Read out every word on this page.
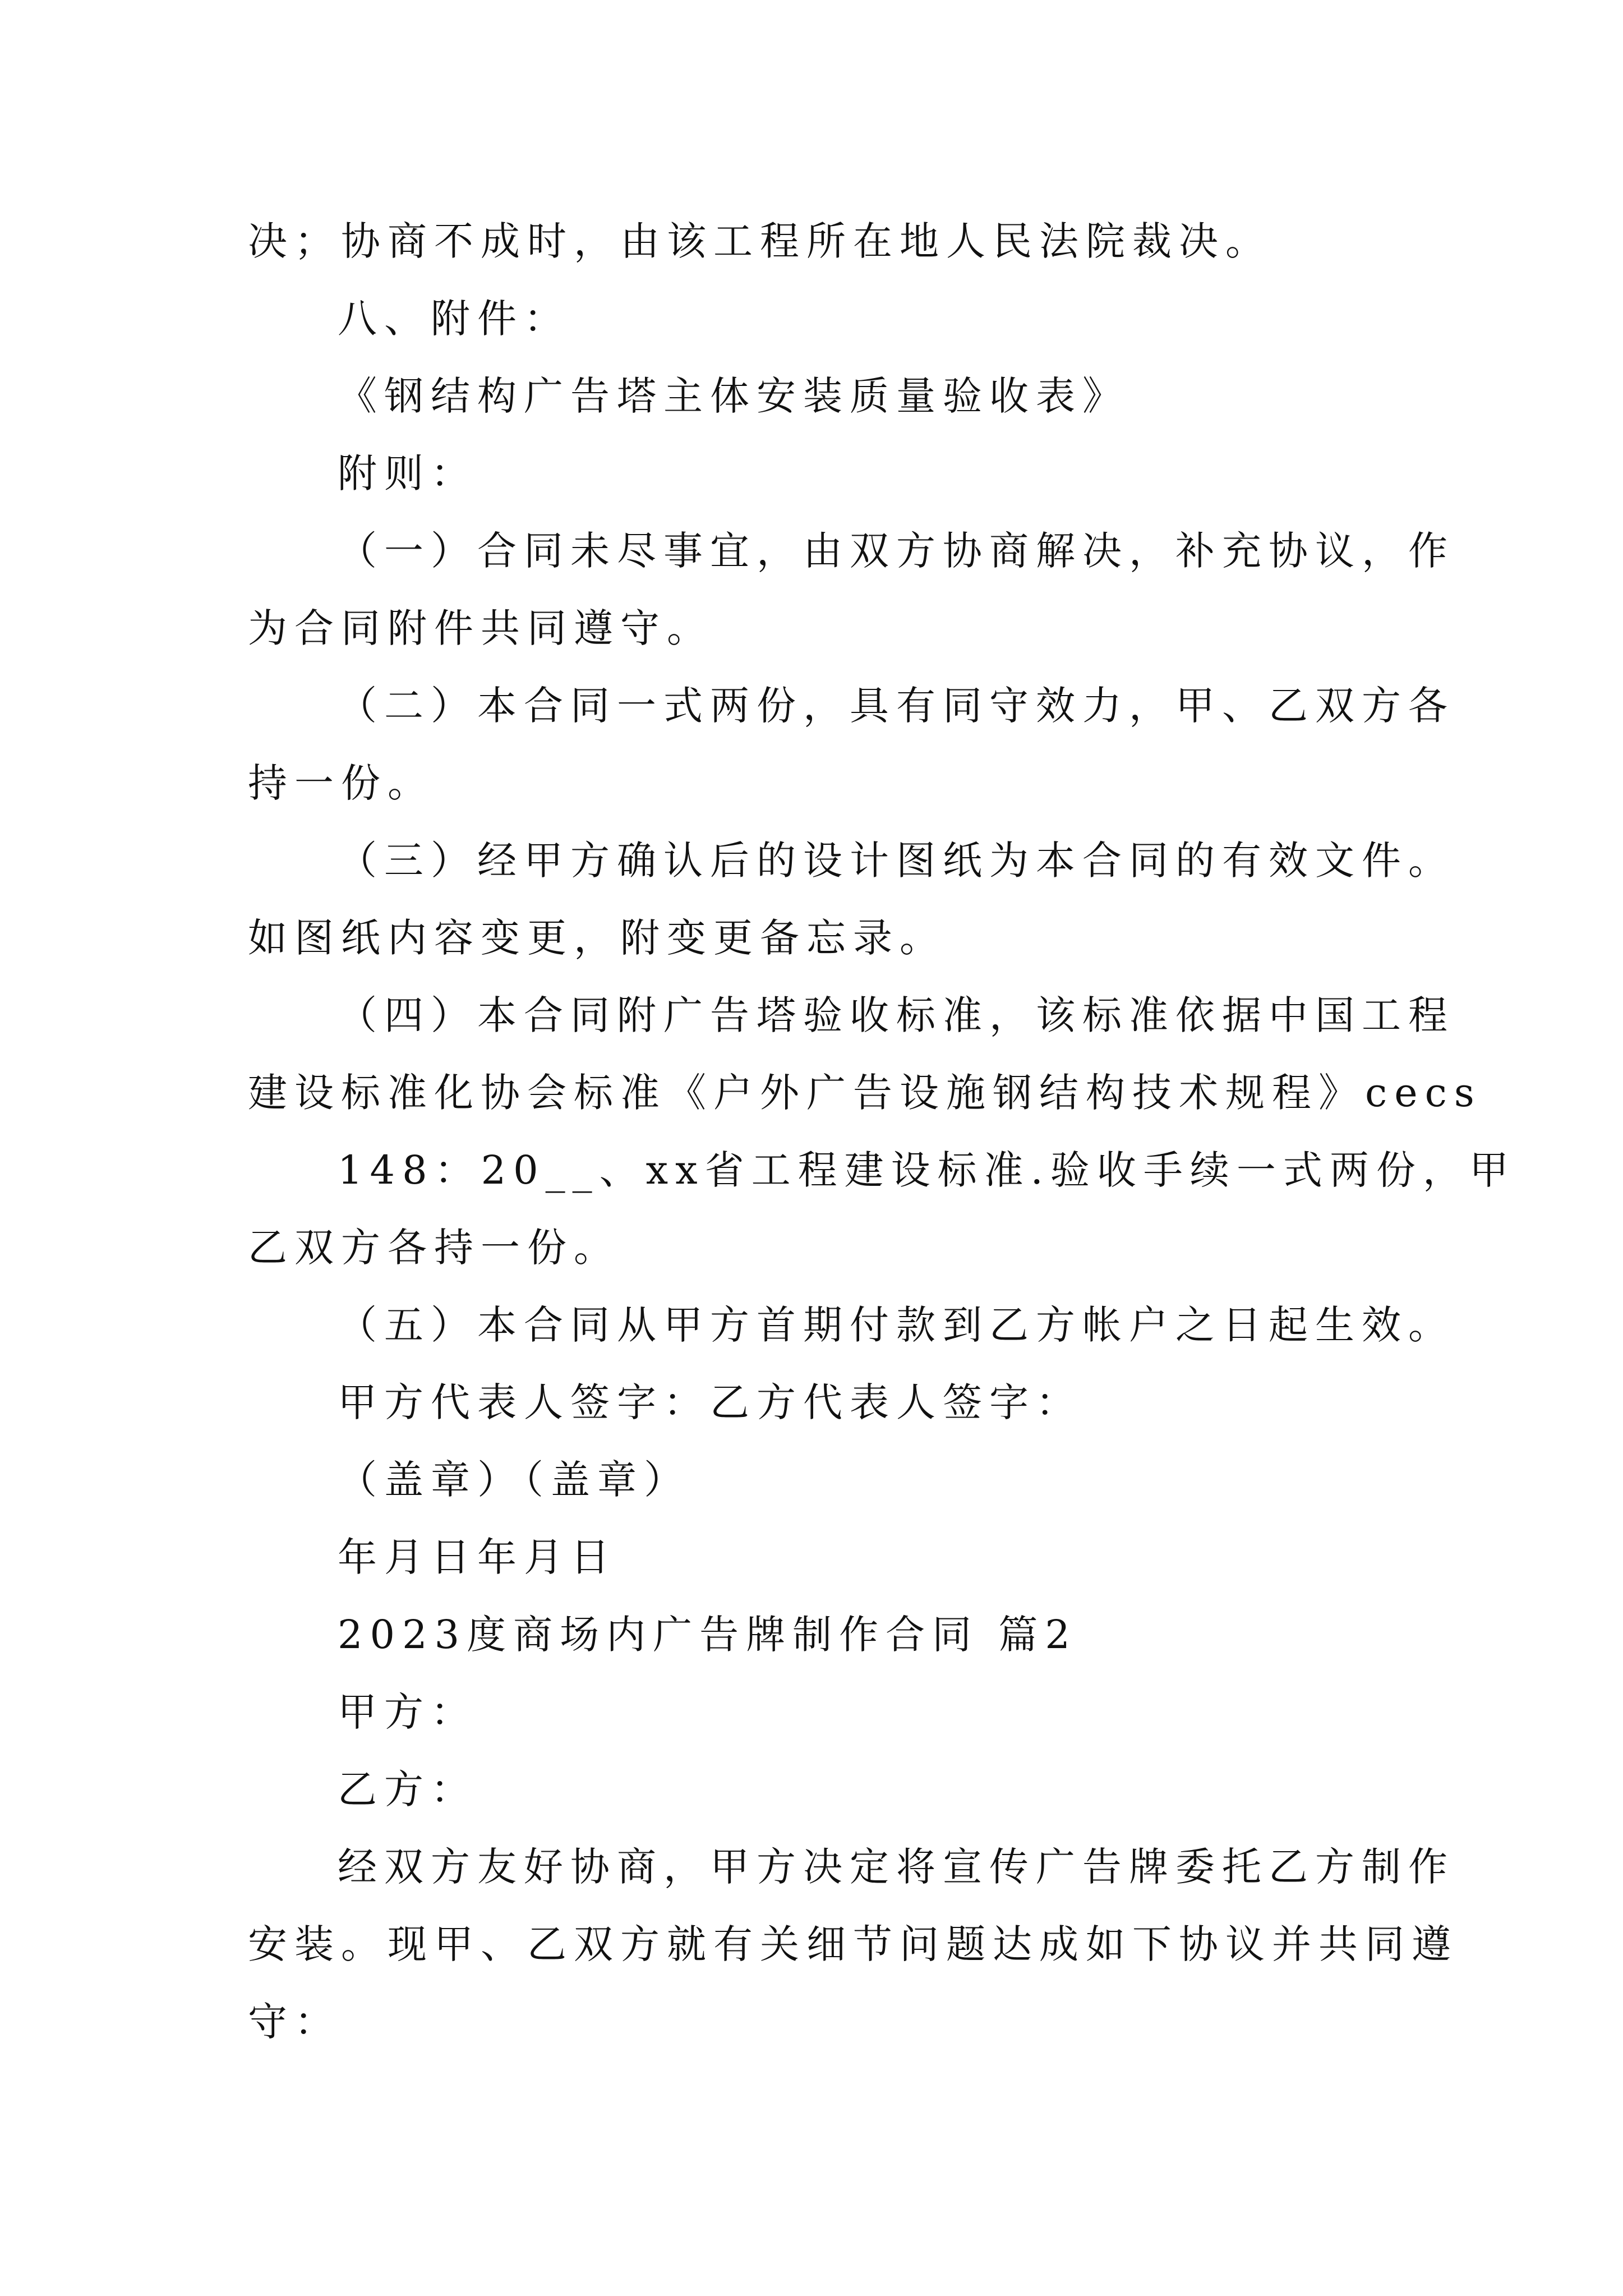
决；协商不成时，由该工程所在地人民法院裁决。
八、附件：
《钢结构广告塔主体安装质量验收表》
附则：
（一）合同未尽事宜，由双方协商解决，补充协议，作
为合同附件共同遵守。
（二）本合同一式两份，具有同守效力，甲、乙双方各
持一份。
（三）经甲方确认后的设计图纸为本合同的有效文件。
如图纸内容变更，附变更备忘录。
（四）本合同附广告塔验收标准，该标准依据中国工程
建设标准化协会标准《户外广告设施钢结构技术规程》cecs
148：20__、xx省工程建设标准.验收手续一式两份，甲
乙双方各持一份。
（五）本合同从甲方首期付款到乙方帐户之日起生效。
甲方代表人签字：乙方代表人签字：
（盖章）（盖章）
年月日年月日
2023度商场内广告牌制作合同 篇2
甲方：
乙方：
经双方友好协商，甲方决定将宣传广告牌委托乙方制作
安装。现甲、乙双方就有关细节问题达成如下协议并共同遵
守：
